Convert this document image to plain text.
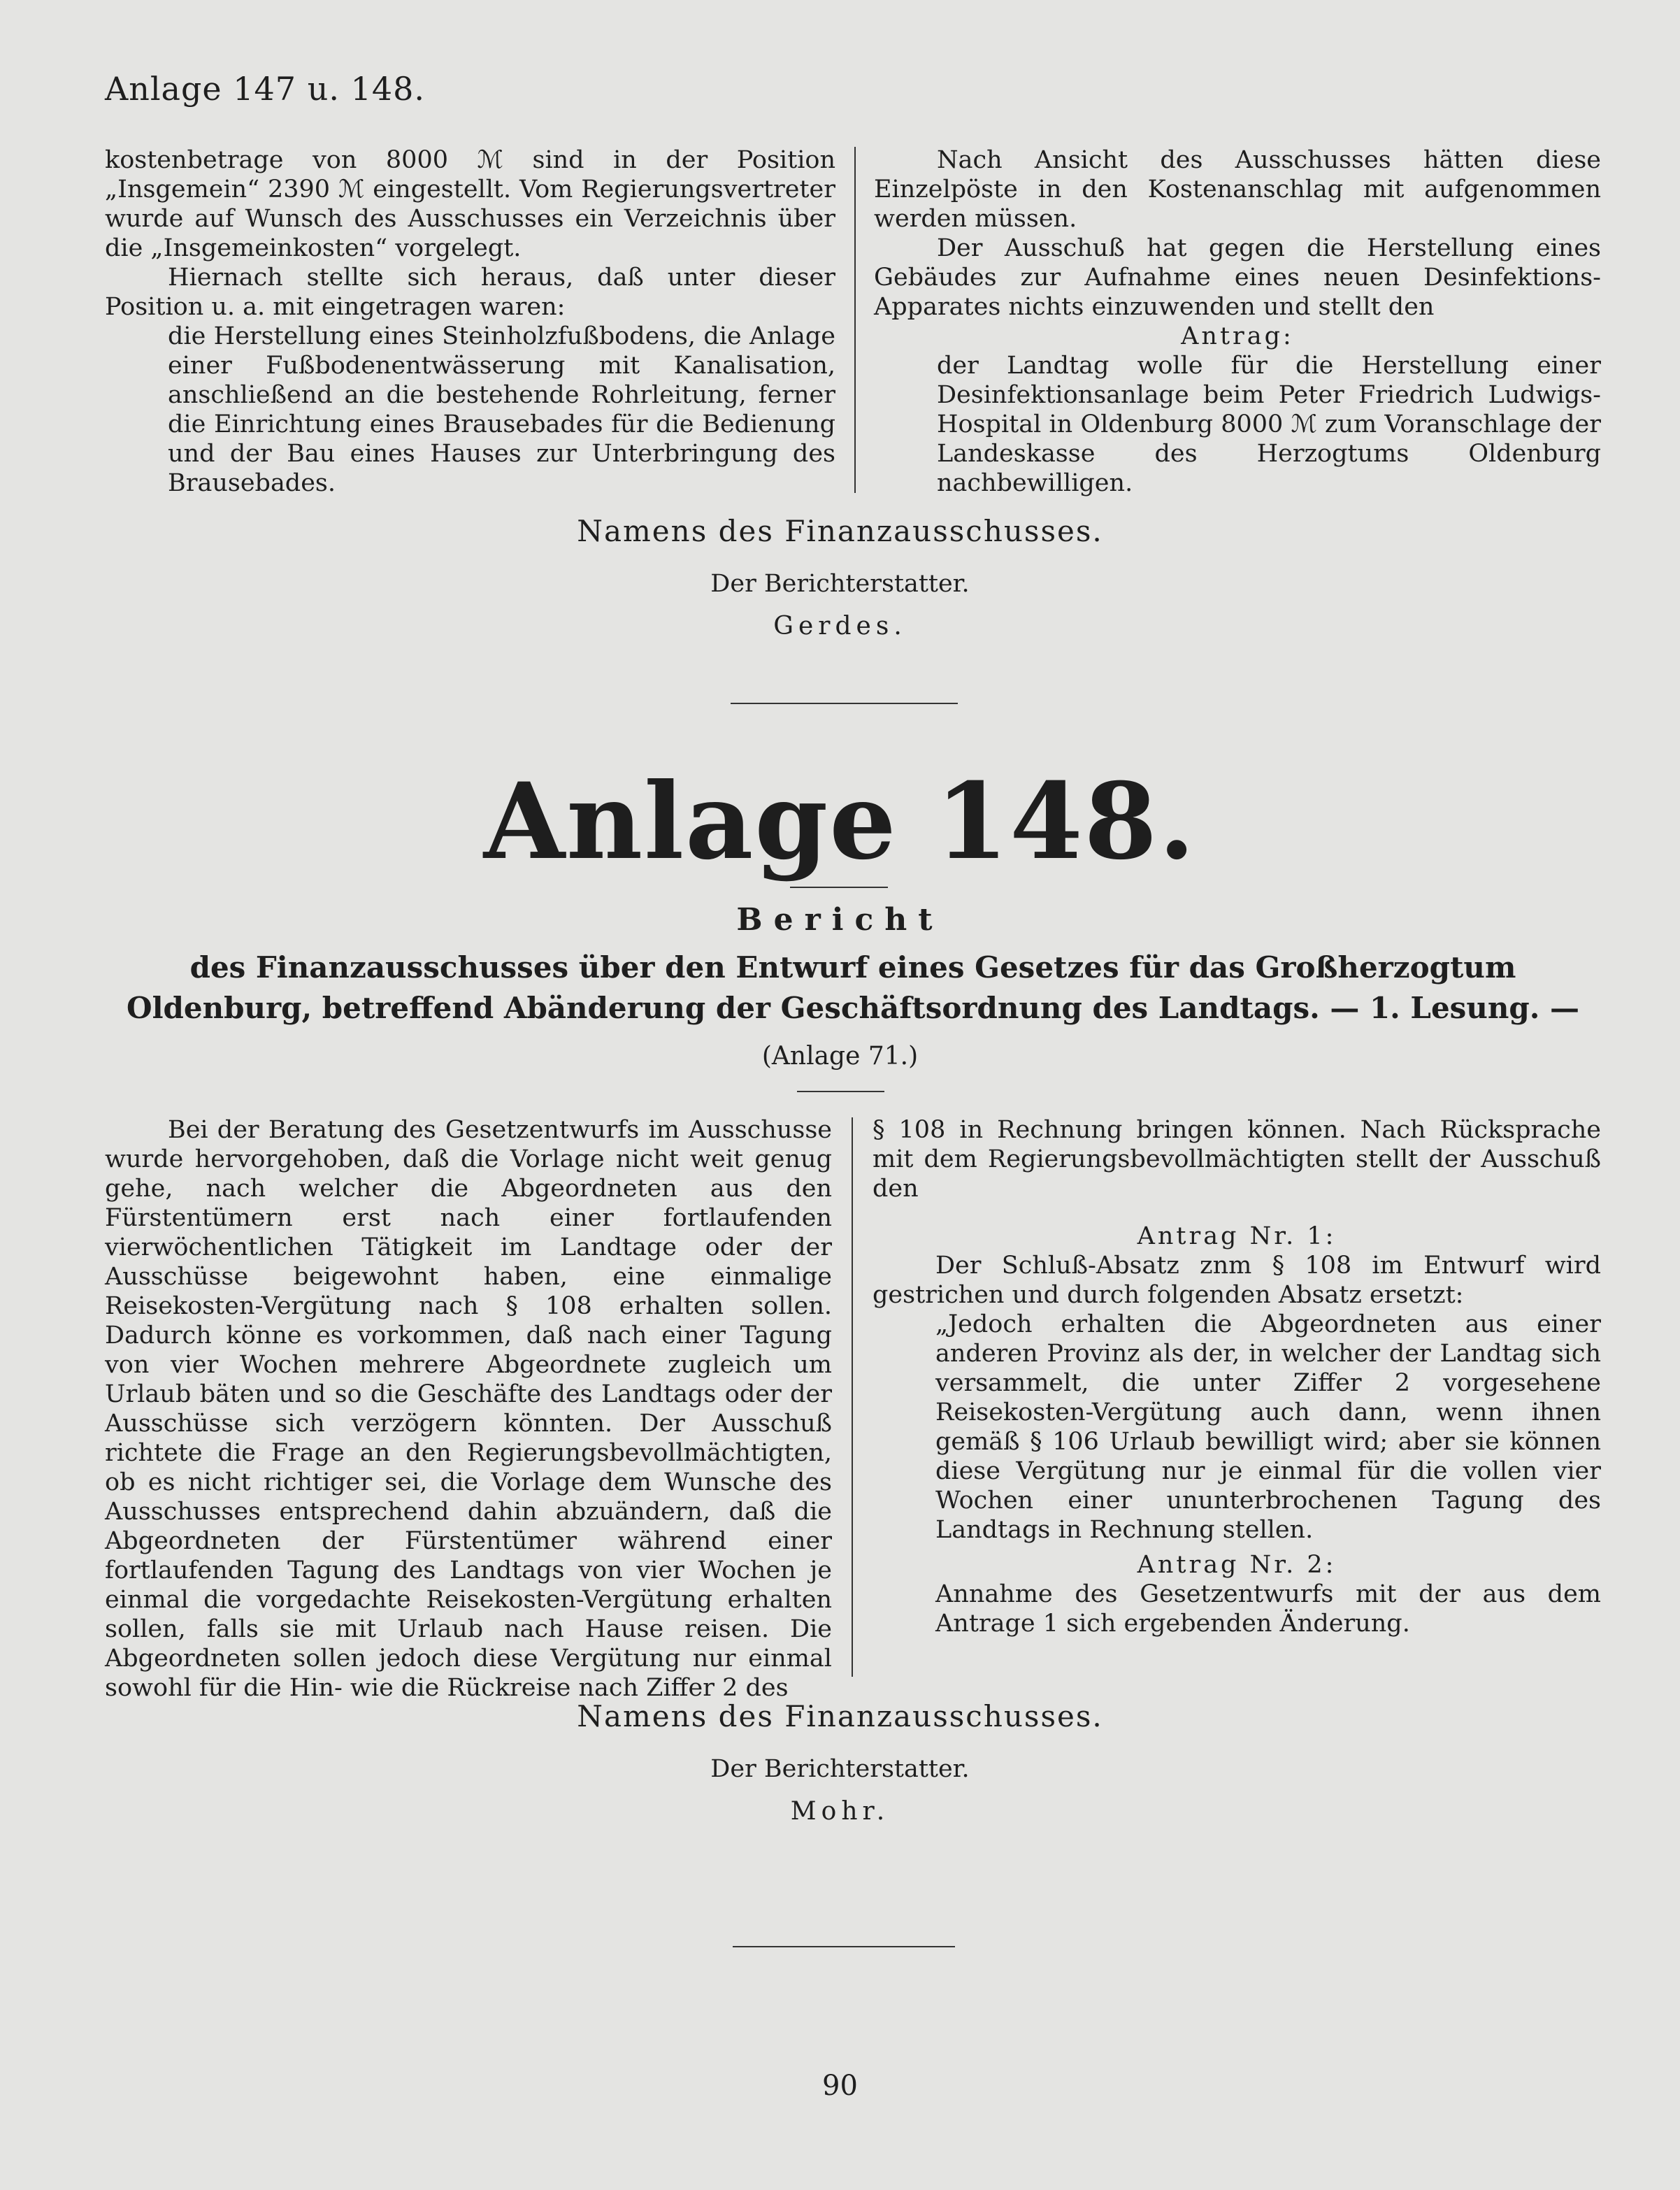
Anlage 147 u. 148.

kostenbetrage von 8000 ℳ sind in der Position „Insgemein“ 2390 ℳ eingestellt. Vom Regierungsvertreter wurde auf Wunsch des Ausschusses ein Verzeichnis über die „Insgemeinkosten“ vorgelegt.

Hiernach stellte sich heraus, daß unter dieser Position u. a. mit eingetragen waren:

die Herstellung eines Steinholzfußbodens, die Anlage einer Fußbodenentwässerung mit Kanalisation, anschließend an die bestehende Rohrleitung, ferner die Einrichtung eines Brausebades für die Bedienung und der Bau eines Hauses zur Unterbringung des Brausebades.

Nach Ansicht des Ausschusses hätten diese Einzelpöste in den Kostenanschlag mit aufgenommen werden müssen.

Der Ausschuß hat gegen die Herstellung eines Gebäudes zur Aufnahme eines neuen Desinfektions-Apparates nichts einzuwenden und stellt den

Antrag:

der Landtag wolle für die Herstellung einer Desinfektionsanlage beim Peter Friedrich Ludwigs-Hospital in Oldenburg 8000 ℳ zum Voranschlage der Landeskasse des Herzogtums Oldenburg nachbewilligen.

Namens des Finanzausschusses.
Der Berichterstatter.
Gerdes.
Anlage 148.
Bericht
des Finanzausschusses über den Entwurf eines Gesetzes für das Großherzogtum Oldenburg, betreffend Abänderung der Geschäftsordnung des Landtags. — 1. Lesung. —
(Anlage 71.)

Bei der Beratung des Gesetzentwurfs im Ausschusse wurde hervorgehoben, daß die Vorlage nicht weit genug gehe, nach welcher die Abgeordneten aus den Fürstentümern erst nach einer fortlaufenden vierwöchentlichen Tätigkeit im Landtage oder der Ausschüsse beigewohnt haben, eine einmalige Reisekosten-Vergütung nach § 108 erhalten sollen. Dadurch könne es vorkommen, daß nach einer Tagung von vier Wochen mehrere Abgeordnete zugleich um Urlaub bäten und so die Geschäfte des Landtags oder der Ausschüsse sich verzögern könnten. Der Ausschuß richtete die Frage an den Regierungsbevollmächtigten, ob es nicht richtiger sei, die Vorlage dem Wunsche des Ausschusses entsprechend dahin abzuändern, daß die Abgeordneten der Fürstentümer während einer fortlaufenden Tagung des Landtags von vier Wochen je einmal die vorgedachte Reisekosten-Vergütung erhalten sollen, falls sie mit Urlaub nach Hause reisen. Die Abgeordneten sollen jedoch diese Vergütung nur einmal sowohl für die Hin- wie die Rückreise nach Ziffer 2 des

§ 108 in Rechnung bringen können. Nach Rücksprache mit dem Regierungsbevollmächtigten stellt der Ausschuß den

Antrag Nr. 1:

Der Schluß-Absatz znm § 108 im Entwurf wird gestrichen und durch folgenden Absatz ersetzt:

„Jedoch erhalten die Abgeordneten aus einer anderen Provinz als der, in welcher der Landtag sich versammelt, die unter Ziffer 2 vorgesehene Reisekosten-Vergütung auch dann, wenn ihnen gemäß § 106 Urlaub bewilligt wird; aber sie können diese Vergütung nur je einmal für die vollen vier Wochen einer ununterbrochenen Tagung des Landtags in Rechnung stellen.

Antrag Nr. 2:

Annahme des Gesetzentwurfs mit der aus dem Antrage 1 sich ergebenden Änderung.

Namens des Finanzausschusses.
Der Berichterstatter.
Mohr.
90
